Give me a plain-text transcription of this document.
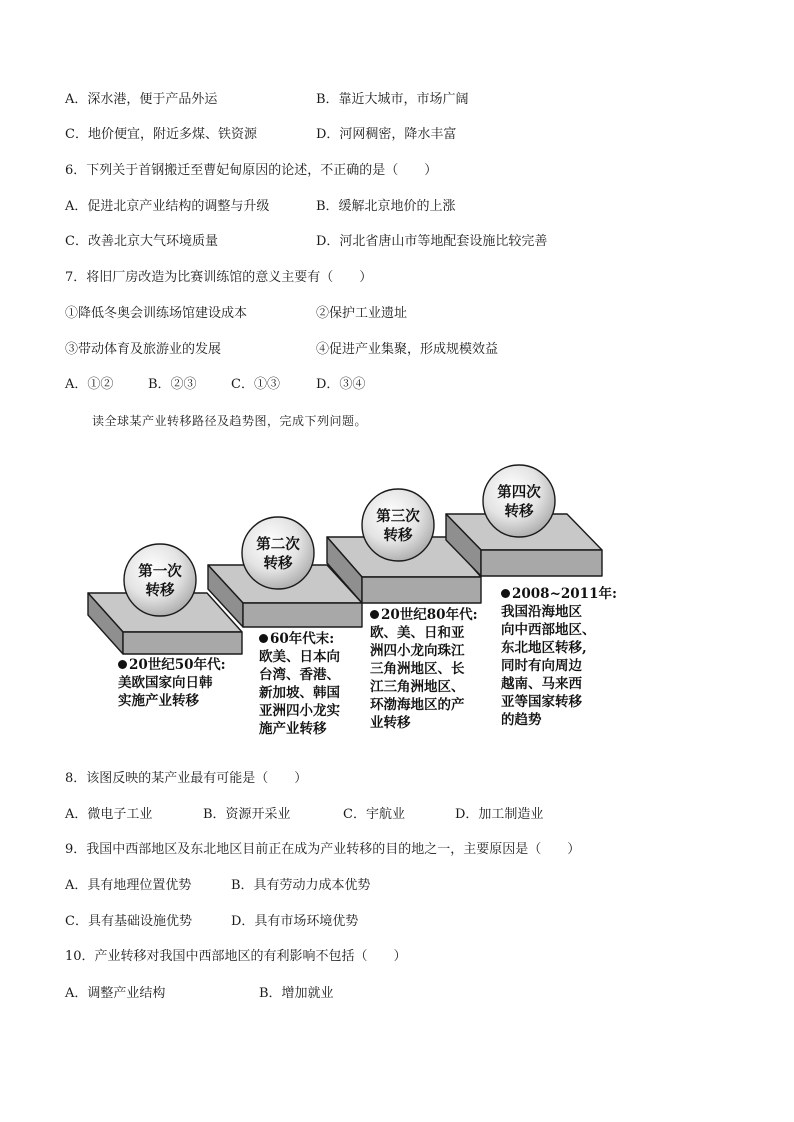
A．深水港，便于产品外运	B．靠近大城市，市场广阔
C．地价便宜，附近多煤、铁资源	D．河网稠密，降水丰富
6．下列关于首钢搬迁至曹妃甸原因的论述，不正确的是（　　）
A．促进北京产业结构的调整与升级	B．缓解北京地价的上涨
C．改善北京大气环境质量	D．河北省唐山市等地配套设施比较完善
7．将旧厂房改造为比赛训练馆的意义主要有（　　）
①降低冬奥会训练场馆建设成本	②保护工业遗址
③带动体育及旅游业的发展	④促进产业集聚，形成规模效益
A．①②	B．②③	C．①③	D．③④
读全球某产业转移路径及趋势图，完成下列问题。
第一次
转移
第二次
转移
第三次
转移
第四次
转移
20世纪50年代:
美欧国家向日韩
实施产业转移
60年代末:
欧美、日本向
台湾、香港、
新加坡、韩国
亚洲四小龙实
施产业转移
20世纪80年代:
欧、美、日和亚
洲四小龙向珠江
三角洲地区、长
江三角洲地区、
环渤海地区的产
业转移
2008~2011年:
我国沿海地区
向中西部地区、
东北地区转移,
同时有向周边
越南、马来西
亚等国家转移
的趋势
8．该图反映的某产业最有可能是（　　）
A．微电子工业	B．资源开采业	C．宇航业	D．加工制造业
9．我国中西部地区及东北地区目前正在成为产业转移的目的地之一，主要原因是（　　）
A．具有地理位置优势	B．具有劳动力成本优势
C．具有基础设施优势	D．具有市场环境优势
10．产业转移对我国中西部地区的有利影响不包括（　　）
A．调整产业结构	B．增加就业
